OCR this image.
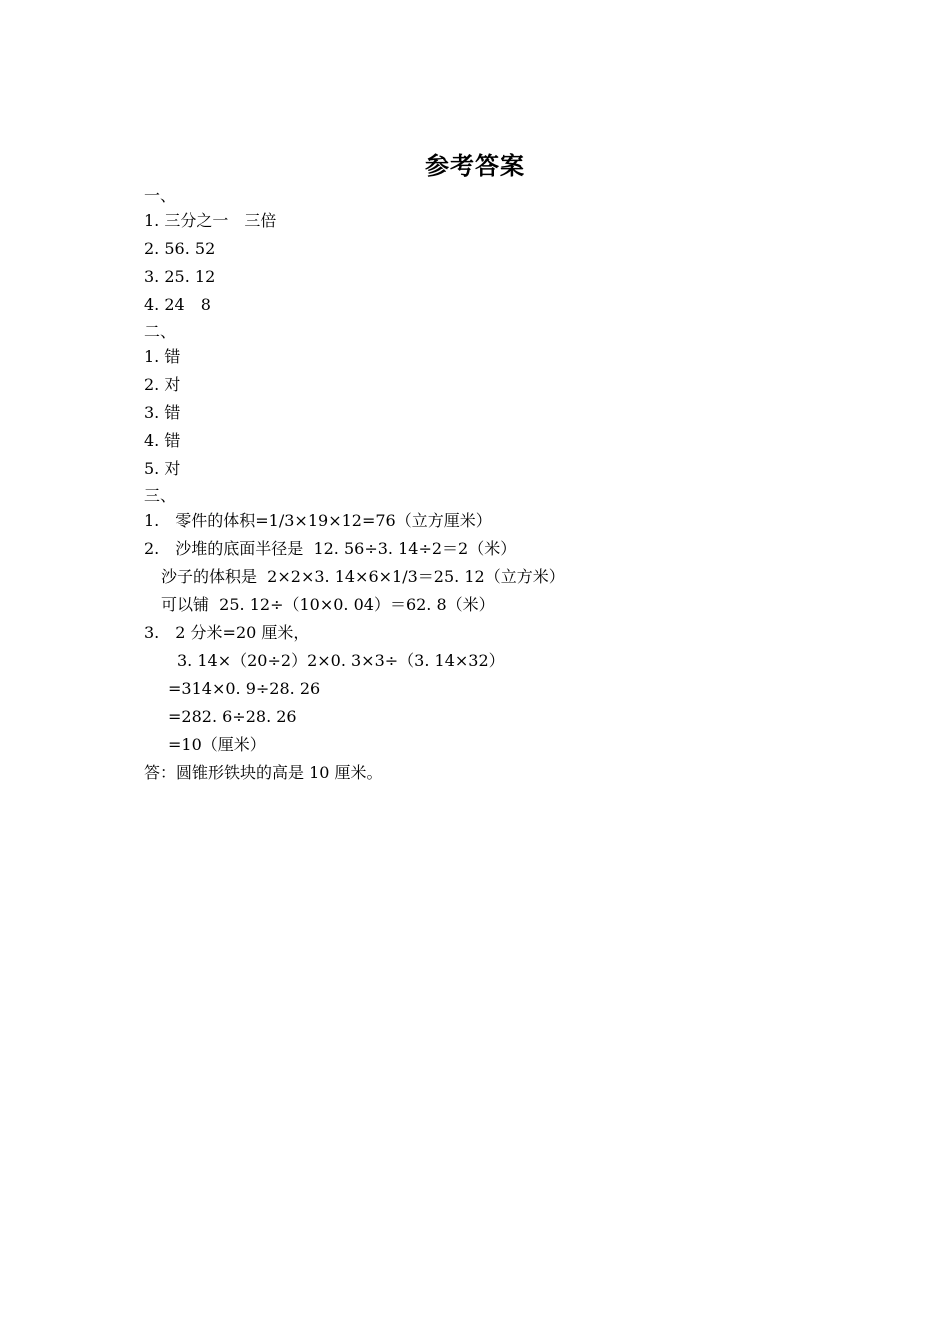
参考答案
一、
1. 三分之一　三倍
2. 56. 52
3. 25. 12
4. 24　8
二、
1. 错
2. 对
3. 错
4. 错
5. 对
三、
1.　零件的体积=1/3×19×12=76（立方厘米）
2.　沙堆的底面半径是  12. 56÷3. 14÷2＝2（米）
沙子的体积是  2×2×3. 14×6×1/3＝25. 12（立方米）
可以铺  25. 12÷（10×0. 04）＝62. 8（米）
3.　2 分米=20 厘米，
3. 14×（20÷2）2×0. 3×3÷（3. 14×32）
=314×0. 9÷28. 26
=282. 6÷28. 26
=10（厘米）
答：圆锥形铁块的高是 10 厘米。
